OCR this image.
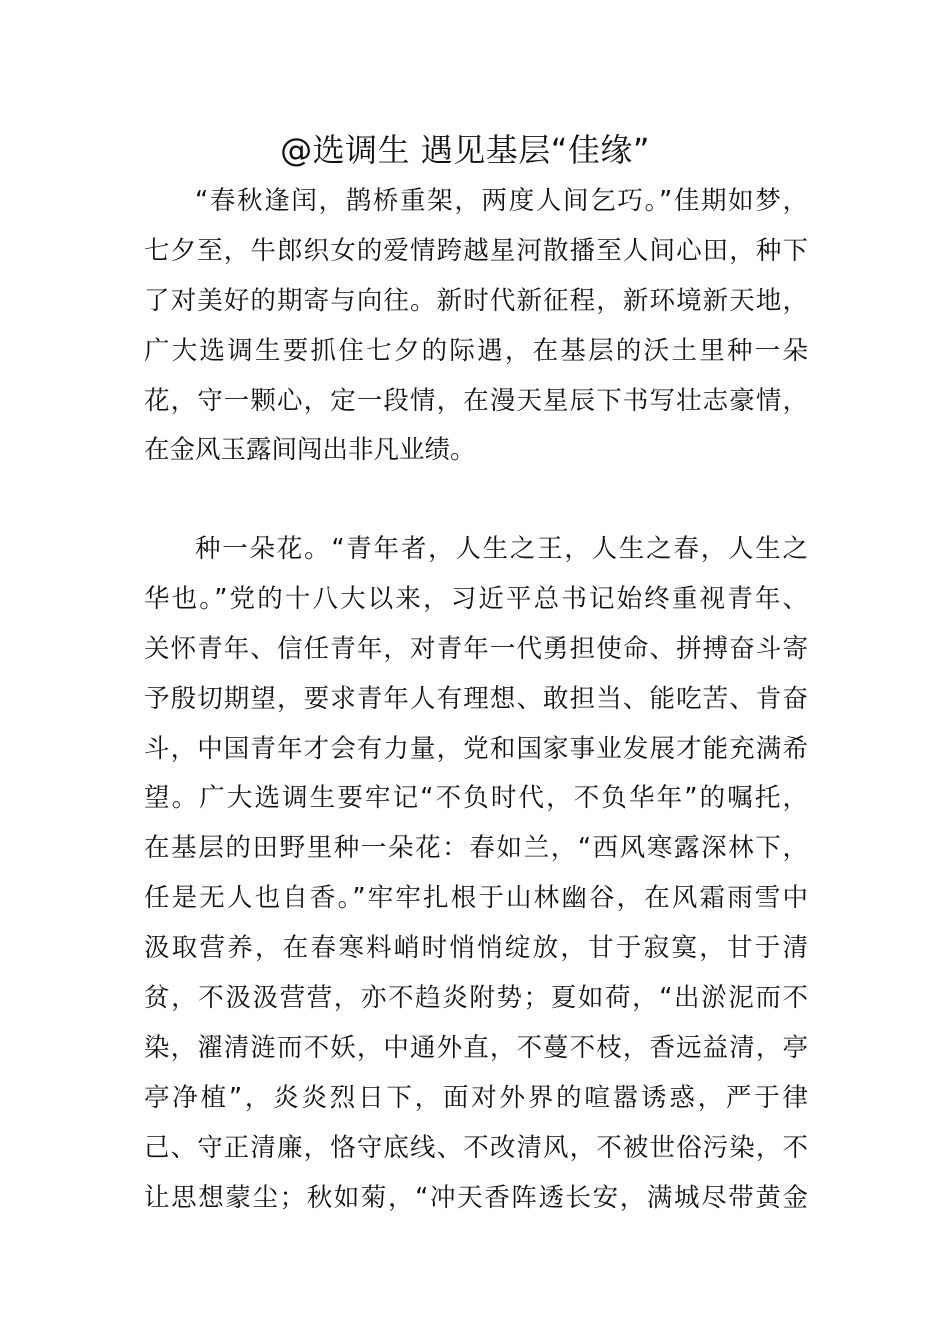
@选调生 遇见基层“佳缘”
“春秋逢闰，鹊桥重架，两度人间乞巧。”佳期如梦，
七夕至，牛郎织女的爱情跨越星河散播至人间心田，种下
了对美好的期寄与向往。新时代新征程，新环境新天地，
广大选调生要抓住七夕的际遇，在基层的沃土里种一朵
花，守一颗心，定一段情，在漫天星辰下书写壮志豪情，
在金风玉露间闯出非凡业绩。
种一朵花。“青年者，人生之王，人生之春，人生之
华也。”党的十八大以来，习近平总书记始终重视青年、
关怀青年、信任青年，对青年一代勇担使命、拼搏奋斗寄
予殷切期望，要求青年人有理想、敢担当、能吃苦、肯奋
斗，中国青年才会有力量，党和国家事业发展才能充满希
望。广大选调生要牢记“不负时代，不负华年”的嘱托，
在基层的田野里种一朵花：春如兰，“西风寒露深林下，
任是无人也自香。”牢牢扎根于山林幽谷，在风霜雨雪中
汲取营养，在春寒料峭时悄悄绽放，甘于寂寞，甘于清
贫，不汲汲营营，亦不趋炎附势；夏如荷，“出淤泥而不
染，濯清涟而不妖，中通外直，不蔓不枝，香远益清，亭
亭净植”，炎炎烈日下，面对外界的喧嚣诱惑，严于律
己、守正清廉，恪守底线、不改清风，不被世俗污染，不
让思想蒙尘；秋如菊，“冲天香阵透长安，满城尽带黄金
